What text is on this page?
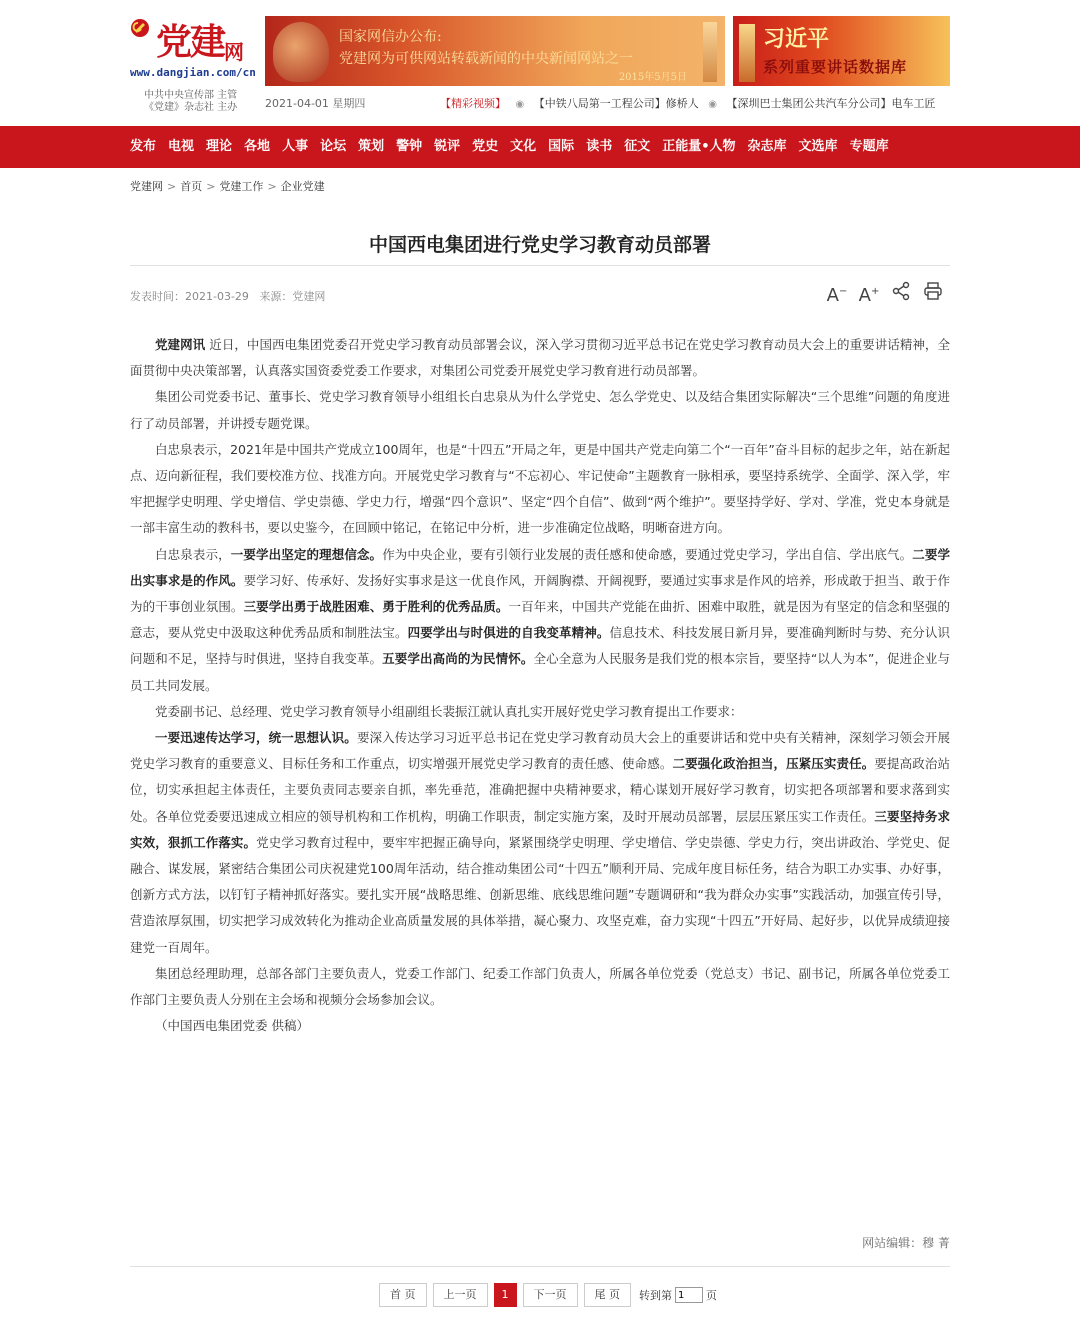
党建 网
www.dangjian.com/cn
中共中央宣传部 主管
《党建》杂志社 主办
国家网信办公布:
党建网为可供网站转载新闻的中央新闻网站之一
2015年5月5日
习近平
系列重要讲话数据库
2021-04-01 星期四	【精彩视频】 ◉ 【中铁八局第一工程公司】修桥人 ◉ 【深圳巴士集团公共汽车分公司】电车工匠
发布 电视 理论 各地 人事 论坛 策划 警钟 锐评 党史 文化 国际 读书 征文 正能量•人物 杂志库 文选库 专题库
党建网 > 首页 > 党建工作 > 企业党建
中国西电集团进行党史学习教育动员部署
发表时间：2021-03-29 来源：党建网	A− A+

党建网讯 近日，中国西电集团党委召开党史学习教育动员部署会议，深入学习贯彻习近平总书记在党史学习教育动员大会上的重要讲话精神，全面贯彻中央决策部署，认真落实国资委党委工作要求，对集团公司党委开展党史学习教育进行动员部署。

集团公司党委书记、董事长、党史学习教育领导小组组长白忠泉从为什么学党史、怎么学党史、以及结合集团实际解决“三个思维”问题的角度进行了动员部署，并讲授专题党课。

白忠泉表示，2021年是中国共产党成立100周年，也是“十四五”开局之年，更是中国共产党走向第二个“一百年”奋斗目标的起步之年，站在新起点、迈向新征程，我们要校准方位、找准方向。开展党史学习教育与“不忘初心、牢记使命”主题教育一脉相承，要坚持系统学、全面学、深入学，牢牢把握学史明理、学史增信、学史崇德、学史力行，增强“四个意识”、坚定“四个自信”、做到“两个维护”。要坚持学好、学对、学准，党史本身就是一部丰富生动的教科书，要以史鉴今，在回顾中铭记，在铭记中分析，进一步准确定位战略，明晰奋进方向。

白忠泉表示，一要学出坚定的理想信念。作为中央企业，要有引领行业发展的责任感和使命感，要通过党史学习，学出自信、学出底气。二要学出实事求是的作风。要学习好、传承好、发扬好实事求是这一优良作风，开阔胸襟、开阔视野，要通过实事求是作风的培养，形成敢于担当、敢于作为的干事创业氛围。三要学出勇于战胜困难、勇于胜利的优秀品质。一百年来，中国共产党能在曲折、困难中取胜，就是因为有坚定的信念和坚强的意志，要从党史中汲取这种优秀品质和制胜法宝。四要学出与时俱进的自我变革精神。信息技术、科技发展日新月异，要准确判断时与势、充分认识问题和不足，坚持与时俱进，坚持自我变革。五要学出高尚的为民情怀。全心全意为人民服务是我们党的根本宗旨，要坚持“以人为本”，促进企业与员工共同发展。

党委副书记、总经理、党史学习教育领导小组副组长裴振江就认真扎实开展好党史学习教育提出工作要求：

一要迅速传达学习，统一思想认识。要深入传达学习习近平总书记在党史学习教育动员大会上的重要讲话和党中央有关精神，深刻学习领会开展党史学习教育的重要意义、目标任务和工作重点，切实增强开展党史学习教育的责任感、使命感。二要强化政治担当，压紧压实责任。要提高政治站位，切实承担起主体责任，主要负责同志要亲自抓，率先垂范，准确把握中央精神要求，精心谋划开展好学习教育，切实把各项部署和要求落到实处。各单位党委要迅速成立相应的领导机构和工作机构，明确工作职责，制定实施方案，及时开展动员部署，层层压紧压实工作责任。三要坚持务求实效，狠抓工作落实。党史学习教育过程中，要牢牢把握正确导向，紧紧围绕学史明理、学史增信、学史崇德、学史力行，突出讲政治、学党史、促融合、谋发展，紧密结合集团公司庆祝建党100周年活动，结合推动集团公司“十四五”顺利开局、完成年度目标任务，结合为职工办实事、办好事，创新方式方法，以钉钉子精神抓好落实。要扎实开展“战略思维、创新思维、底线思维问题”专题调研和“我为群众办实事”实践活动，加强宣传引导，营造浓厚氛围，切实把学习成效转化为推动企业高质量发展的具体举措，凝心聚力、攻坚克难，奋力实现“十四五”开好局、起好步，以优异成绩迎接建党一百周年。

集团总经理助理，总部各部门主要负责人，党委工作部门、纪委工作部门负责人，所属各单位党委（党总支）书记、副书记，所属各单位党委工作部门主要负责人分别在主会场和视频分会场参加会议。

（中国西电集团党委 供稿）

网站编辑：穆 菁
首 页	上一页	1	下一页	尾 页	转到第
1	页
